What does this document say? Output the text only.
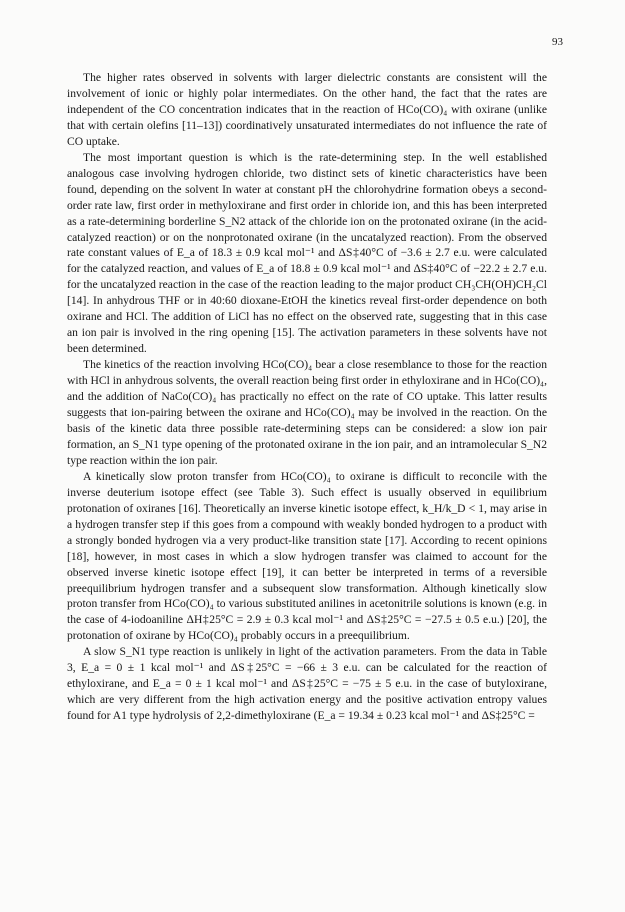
93

The higher rates observed in solvents with larger dielectric constants are consistent will the involvement of ionic or highly polar intermediates. On the other hand, the fact that the rates are independent of the CO concentration indicates that in the reaction of HCo(CO)₄ with oxirane (unlike that with certain olefins [11–13]) coordinatively unsaturated intermediates do not influence the rate of CO uptake.

The most important question is which is the rate-determining step. In the well established analogous case involving hydrogen chloride, two distinct sets of kinetic characteristics have been found, depending on the solvent In water at constant pH the chlorohydrine formation obeys a second-order rate law, first order in methyloxirane and first order in chloride ion, and this has been interpreted as a rate-determining borderline S_N2 attack of the chloride ion on the protonated oxirane (in the acid-catalyzed reaction) or on the nonprotonated oxirane (in the uncatalyzed reaction). From the observed rate constant values of E_a of 18.3 ± 0.9 kcal mol⁻¹ and ΔS‡40°C of −3.6 ± 2.7 e.u. were calculated for the catalyzed reaction, and values of E_a of 18.8 ± 0.9 kcal mol⁻¹ and ΔS‡40°C of −22.2 ± 2.7 e.u. for the uncatalyzed reaction in the case of the reaction leading to the major product CH₃CH(OH)CH₂Cl [14]. In anhydrous THF or in 40:60 dioxane-EtOH the kinetics reveal first-order dependence on both oxirane and HCl. The addition of LiCl has no effect on the observed rate, suggesting that in this case an ion pair is involved in the ring opening [15]. The activation parameters in these solvents have not been determined.

The kinetics of the reaction involving HCo(CO)₄ bear a close resemblance to those for the reaction with HCl in anhydrous solvents, the overall reaction being first order in ethyloxirane and in HCo(CO)₄, and the addition of NaCo(CO)₄ has practically no effect on the rate of CO uptake. This latter results suggests that ion-pairing between the oxirane and HCo(CO)₄ may be involved in the reaction. On the basis of the kinetic data three possible rate-determining steps can be considered: a slow ion pair formation, an S_N1 type opening of the protonated oxirane in the ion pair, and an intramolecular S_N2 type reaction within the ion pair.

A kinetically slow proton transfer from HCo(CO)₄ to oxirane is difficult to reconcile with the inverse deuterium isotope effect (see Table 3). Such effect is usually observed in equilibrium protonation of oxiranes [16]. Theoretically an inverse kinetic isotope effect, k_H/k_D < 1, may arise in a hydrogen transfer step if this goes from a compound with weakly bonded hydrogen to a product with a strongly bonded hydrogen via a very product-like transition state [17]. According to recent opinions [18], however, in most cases in which a slow hydrogen transfer was claimed to account for the observed inverse kinetic isotope effect [19], it can better be interpreted in terms of a reversible preequilibrium hydrogen transfer and a subsequent slow transformation. Although kinetically slow proton transfer from HCo(CO)₄ to various substituted anilines in acetonitrile solutions is known (e.g. in the case of 4-iodoaniline ΔH‡25°C = 2.9 ± 0.3 kcal mol⁻¹ and ΔS‡25°C = −27.5 ± 0.5 e.u.) [20], the protonation of oxirane by HCo(CO)₄ probably occurs in a preequilibrium.

A slow S_N1 type reaction is unlikely in light of the activation parameters. From the data in Table 3, E_a = 0 ± 1 kcal mol⁻¹ and ΔS‡25°C = −66 ± 3 e.u. can be calculated for the reaction of ethyloxirane, and E_a = 0 ± 1 kcal mol⁻¹ and ΔS‡25°C = −75 ± 5 e.u. in the case of butyloxirane, which are very different from the high activation energy and the positive activation entropy values found for A1 type hydrolysis of 2,2-dimethyloxirane (E_a = 19.34 ± 0.23 kcal mol⁻¹ and ΔS‡25°C =
